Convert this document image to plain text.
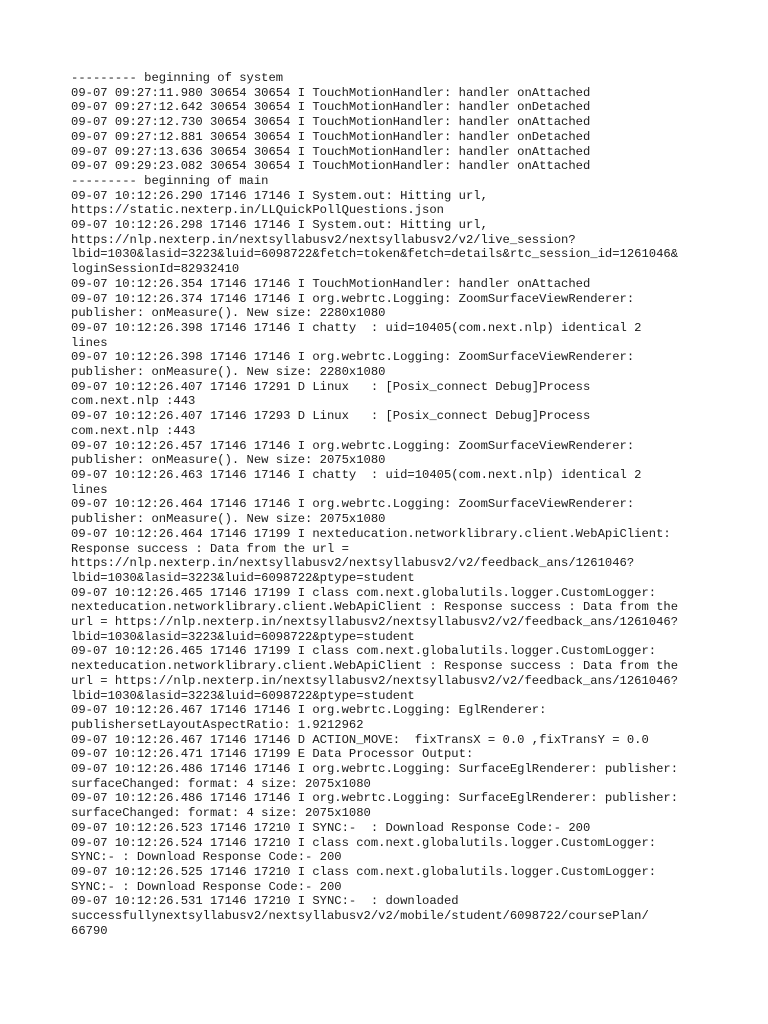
--------- beginning of system
09-07 09:27:11.980 30654 30654 I TouchMotionHandler: handler onAttached
09-07 09:27:12.642 30654 30654 I TouchMotionHandler: handler onDetached
09-07 09:27:12.730 30654 30654 I TouchMotionHandler: handler onAttached
09-07 09:27:12.881 30654 30654 I TouchMotionHandler: handler onDetached
09-07 09:27:13.636 30654 30654 I TouchMotionHandler: handler onAttached
09-07 09:29:23.082 30654 30654 I TouchMotionHandler: handler onAttached
--------- beginning of main
09-07 10:12:26.290 17146 17146 I System.out: Hitting url,
https://static.nexterp.in/LLQuickPollQuestions.json
09-07 10:12:26.298 17146 17146 I System.out: Hitting url,
https://nlp.nexterp.in/nextsyllabusv2/nextsyllabusv2/v2/live_session?
lbid=1030&lasid=3223&luid=6098722&fetch=token&fetch=details&rtc_session_id=1261046&
loginSessionId=82932410
09-07 10:12:26.354 17146 17146 I TouchMotionHandler: handler onAttached
09-07 10:12:26.374 17146 17146 I org.webrtc.Logging: ZoomSurfaceViewRenderer:
publisher: onMeasure(). New size: 2280x1080
09-07 10:12:26.398 17146 17146 I chatty  : uid=10405(com.next.nlp) identical 2
lines
09-07 10:12:26.398 17146 17146 I org.webrtc.Logging: ZoomSurfaceViewRenderer:
publisher: onMeasure(). New size: 2280x1080
09-07 10:12:26.407 17146 17291 D Linux   : [Posix_connect Debug]Process
com.next.nlp :443
09-07 10:12:26.407 17146 17293 D Linux   : [Posix_connect Debug]Process
com.next.nlp :443
09-07 10:12:26.457 17146 17146 I org.webrtc.Logging: ZoomSurfaceViewRenderer:
publisher: onMeasure(). New size: 2075x1080
09-07 10:12:26.463 17146 17146 I chatty  : uid=10405(com.next.nlp) identical 2
lines
09-07 10:12:26.464 17146 17146 I org.webrtc.Logging: ZoomSurfaceViewRenderer:
publisher: onMeasure(). New size: 2075x1080
09-07 10:12:26.464 17146 17199 I nexteducation.networklibrary.client.WebApiClient:
Response success : Data from the url =
https://nlp.nexterp.in/nextsyllabusv2/nextsyllabusv2/v2/feedback_ans/1261046?
lbid=1030&lasid=3223&luid=6098722&ptype=student
09-07 10:12:26.465 17146 17199 I class com.next.globalutils.logger.CustomLogger:
nexteducation.networklibrary.client.WebApiClient : Response success : Data from the
url = https://nlp.nexterp.in/nextsyllabusv2/nextsyllabusv2/v2/feedback_ans/1261046?
lbid=1030&lasid=3223&luid=6098722&ptype=student
09-07 10:12:26.465 17146 17199 I class com.next.globalutils.logger.CustomLogger:
nexteducation.networklibrary.client.WebApiClient : Response success : Data from the
url = https://nlp.nexterp.in/nextsyllabusv2/nextsyllabusv2/v2/feedback_ans/1261046?
lbid=1030&lasid=3223&luid=6098722&ptype=student
09-07 10:12:26.467 17146 17146 I org.webrtc.Logging: EglRenderer:
publishersetLayoutAspectRatio: 1.9212962
09-07 10:12:26.467 17146 17146 D ACTION_MOVE:  fixTransX = 0.0 ,fixTransY = 0.0
09-07 10:12:26.471 17146 17199 E Data Processor Output:
09-07 10:12:26.486 17146 17146 I org.webrtc.Logging: SurfaceEglRenderer: publisher:
surfaceChanged: format: 4 size: 2075x1080
09-07 10:12:26.486 17146 17146 I org.webrtc.Logging: SurfaceEglRenderer: publisher:
surfaceChanged: format: 4 size: 2075x1080
09-07 10:12:26.523 17146 17210 I SYNC:-  : Download Response Code:- 200
09-07 10:12:26.524 17146 17210 I class com.next.globalutils.logger.CustomLogger:
SYNC:- : Download Response Code:- 200
09-07 10:12:26.525 17146 17210 I class com.next.globalutils.logger.CustomLogger:
SYNC:- : Download Response Code:- 200
09-07 10:12:26.531 17146 17210 I SYNC:-  : downloaded
successfullynextsyllabusv2/nextsyllabusv2/v2/mobile/student/6098722/coursePlan/
66790
